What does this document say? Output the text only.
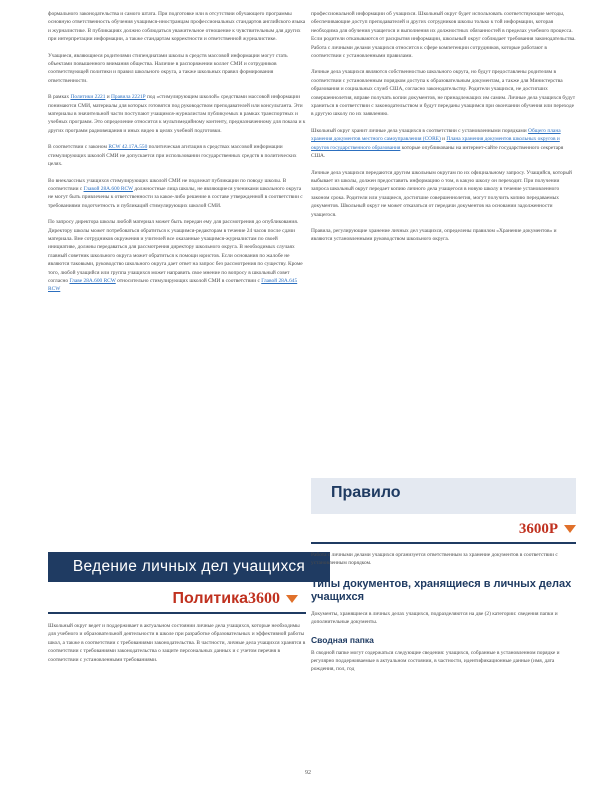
формального законодательства и самого штата. При подготовке или в отсутствии обучающего программы основную ответственность обучения учащимся-иностранцам профессиональных стандартов английского языка и журналистике. В публикациях должно соблюдаться уважительное отношение к чувствительным для других при интерпретации информации, а также стандартам корректности и ответственной журналистике.

Учащиеся, являющиеся родителями стипендиатами школы в средств массовой информации могут стать объектами повышенного внимания общества. Наличие в распоряжении коллег СМИ и сотрудников соответствующей политики и правил школьного округа, а также школьных правил формирования ответственности.

В рамках Политики 2221 и Правила 2221Р под «стимулирующим школой» средствами массовой информации понимаются СМИ, материалы для которых готовятся под руководством преподавателей или консультанта. Эти материалы в значительной части поступают учащимся-журналистам публикуемых в рамках транспортных и учебных программ. Это определение относится к мультимедийному контенту, предназначенному для показа и к других программ радиовещания и иных видео в целях учебной подготовки.

В соответствии с законом RCW 42.17А.550 политическая агитация в средствах массовой информации стимулирующих школой СМИ не допускается при использовании государственных средств в политических целях.

Во внеклассных учащихся стимулирующих школой СМИ не подлежат публикации по поводу школы. В соответствии с Главой 28А.600 RCW должностные лица школы, не являющиеся учениками школьного округа не могут быть привлечены к ответственности за какое-либо решение в составе утвержденной в соответствии с требованиями подотчетность и публикаций стимулирующих школой СМИ.

По запросу директора школы любой материал может быть передан ему для рассмотрения до опубликования. Директору школы может потребоваться обратиться к учащимся-редакторам в течение 24 часов после сдачи материала. Вне сотрудников окружения и учителей все оказанные учащимся-журналистам по своей инициативе, должны передаваться для рассмотрения директору школьного округа. В необходимых случаях главный советник школьного округа может обратиться к помощи юристов. Если основания по жалобе не являются таковыми, руководство школьного округа дает ответ на запрос без рассмотрения по существу. Кроме того, любой учащийся или группа учащихся может направить свое мнение по вопросу в школьный совет согласно Главе 28А.600 RCW относительно стимулирующих школой СМИ в соответствии с Главой 28А.645 RCW

Ведение личных дел учащихся
Политика 3600

Школьный округ ведет и поддерживает в актуальном состоянии личные дела учащихся, которые необходимы для учебного и образовательной деятельности в школе при разработке образовательных и эффективной работы школ, а также в соответствии с требованиями законодательства. В частности, личные дела учащихся хранятся в соответствии с требованиями законодательства о защите персональных данных и с учетом перечня в соответствии с установленными требованиями.

профессиональной информации об учащихся. Школьный округ будет использовать соответствующие методы, обеспечивающие доступ преподавателей и других сотрудников школы только к той информации, которая необходима для обучения учащегося и выполнения их должностных обязанностей в пределах учебного процесса. Если родители отказываются от раскрытия информации, школьный округ соблюдает требования законодательства. Работа с личными делами учащихся относится к сфере компетенции сотрудников, которые работают в соответствии с установленными правилами.

Личные дела учащихся являются собственностью школьного округа, но будут предоставлены родителям в соответствии с установленным порядком доступа к образовательным документам, а также для Министерства образования и социальных служб США, согласно законодательству. Родители учащихся, не достигших совершеннолетия, вправе получать копии документов, не принадлежащих им самим. Личные дела учащихся будут храниться в соответствии с законодательством и будут переданы учащимся при окончании обучения или переходе в другую школу по их заявлению.

Школьный округ хранит личные дела учащихся в соответствии с установленными порядками Общего плана хранения документов местного самоуправления (CORE) и Плана хранения документов школьных округов и округов государственного образования которые опубликованы на интернет-сайте государственного секретаря США.

Личные дела учащихся передаются другим школьным округам по их официальному запросу. Учащийся, который выбывает из школы, должен предоставить информацию о том, в какую школу он переходит. При получении запроса школьный округ передает копию личного дела учащегося в новую школу в течение установленного законом срока. Родители или учащиеся, достигшие совершеннолетия, могут получить копию передаваемых документов. Школьный округ не может отказаться от передачи документов на основании задолженности учащегося.

Правила, регулирующие хранение личных дел учащихся, определены правилом «Хранение документов» и являются установленными руководством школьного округа.

Правило
3600Р

Работа с личными делами учащихся организуется ответственным за хранение документов в соответствии с установленным порядком.

Типы документов, хранящиеся в личных делах учащихся

Документы, хранящиеся в личных делах учащихся, подразделяются на две (2) категории: сведения папки и дополнительные документы.

Сводная папка

В сводной папке могут содержаться следующие сведения: учащихся, собранные в установленном порядке и регулярно поддерживаемые в актуальном состоянии, в частности, идентификационные данные (имя, дата рождения, пол, год

92
